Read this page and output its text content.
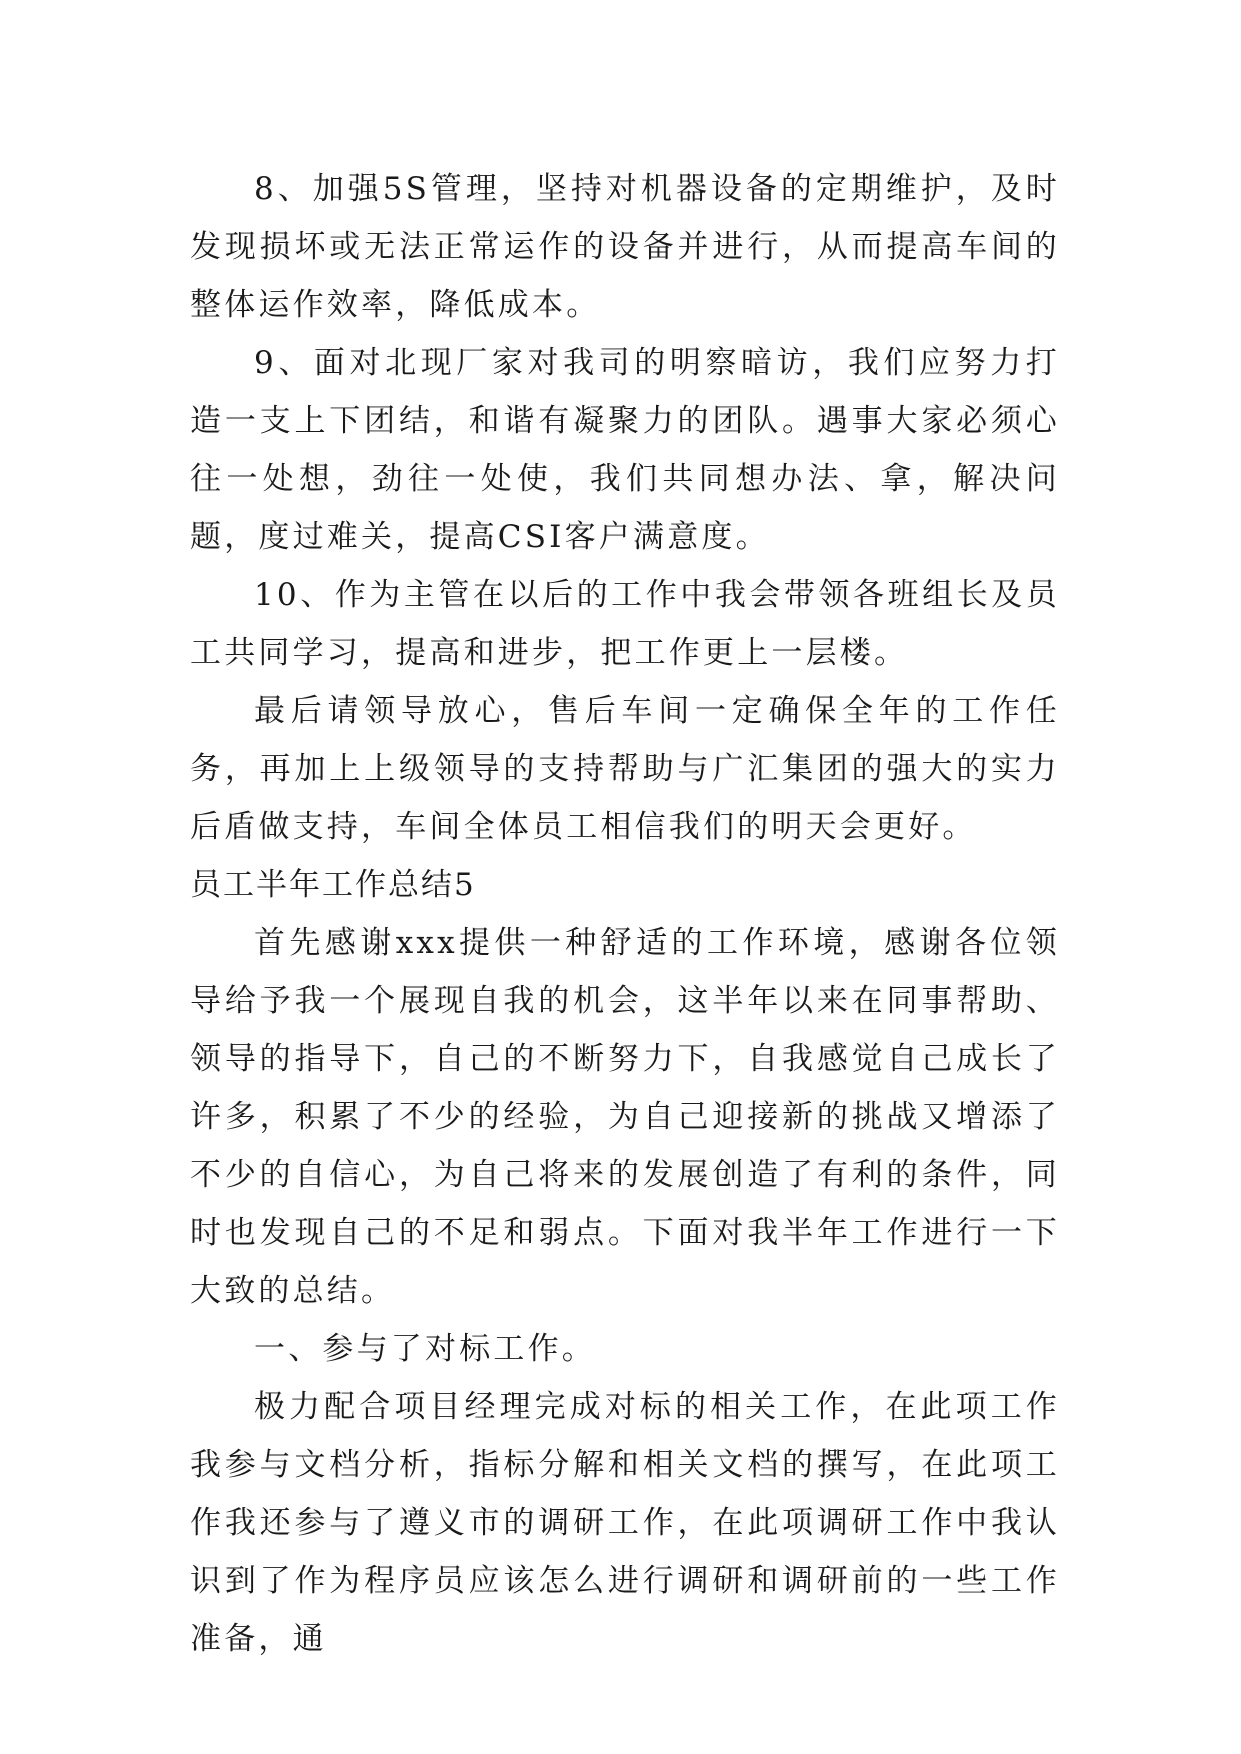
8、加强5S管理，坚持对机器设备的定期维护，及时发现损坏或无法正常运作的设备并进行，从而提高车间的整体运作效率，降低成本。

9、面对北现厂家对我司的明察暗访，我们应努力打造一支上下团结，和谐有凝聚力的团队。遇事大家必须心往一处想，劲往一处使，我们共同想办法、拿，解决问题，度过难关，提高CSI客户满意度。

10、作为主管在以后的工作中我会带领各班组长及员工共同学习，提高和进步，把工作更上一层楼。

最后请领导放心，售后车间一定确保全年的工作任务，再加上上级领导的支持帮助与广汇集团的强大的实力后盾做支持，车间全体员工相信我们的明天会更好。

员工半年工作总结5

首先感谢xxx提供一种舒适的工作环境，感谢各位领导给予我一个展现自我的机会，这半年以来在同事帮助、领导的指导下，自己的不断努力下，自我感觉自己成长了许多，积累了不少的经验，为自己迎接新的挑战又增添了不少的自信心，为自己将来的发展创造了有利的条件，同时也发现自己的不足和弱点。下面对我半年工作进行一下大致的总结。

一、参与了对标工作。

极力配合项目经理完成对标的相关工作，在此项工作我参与文档分析，指标分解和相关文档的撰写，在此项工作我还参与了遵义市的调研工作，在此项调研工作中我认识到了作为程序员应该怎么进行调研和调研前的一些工作准备，通
